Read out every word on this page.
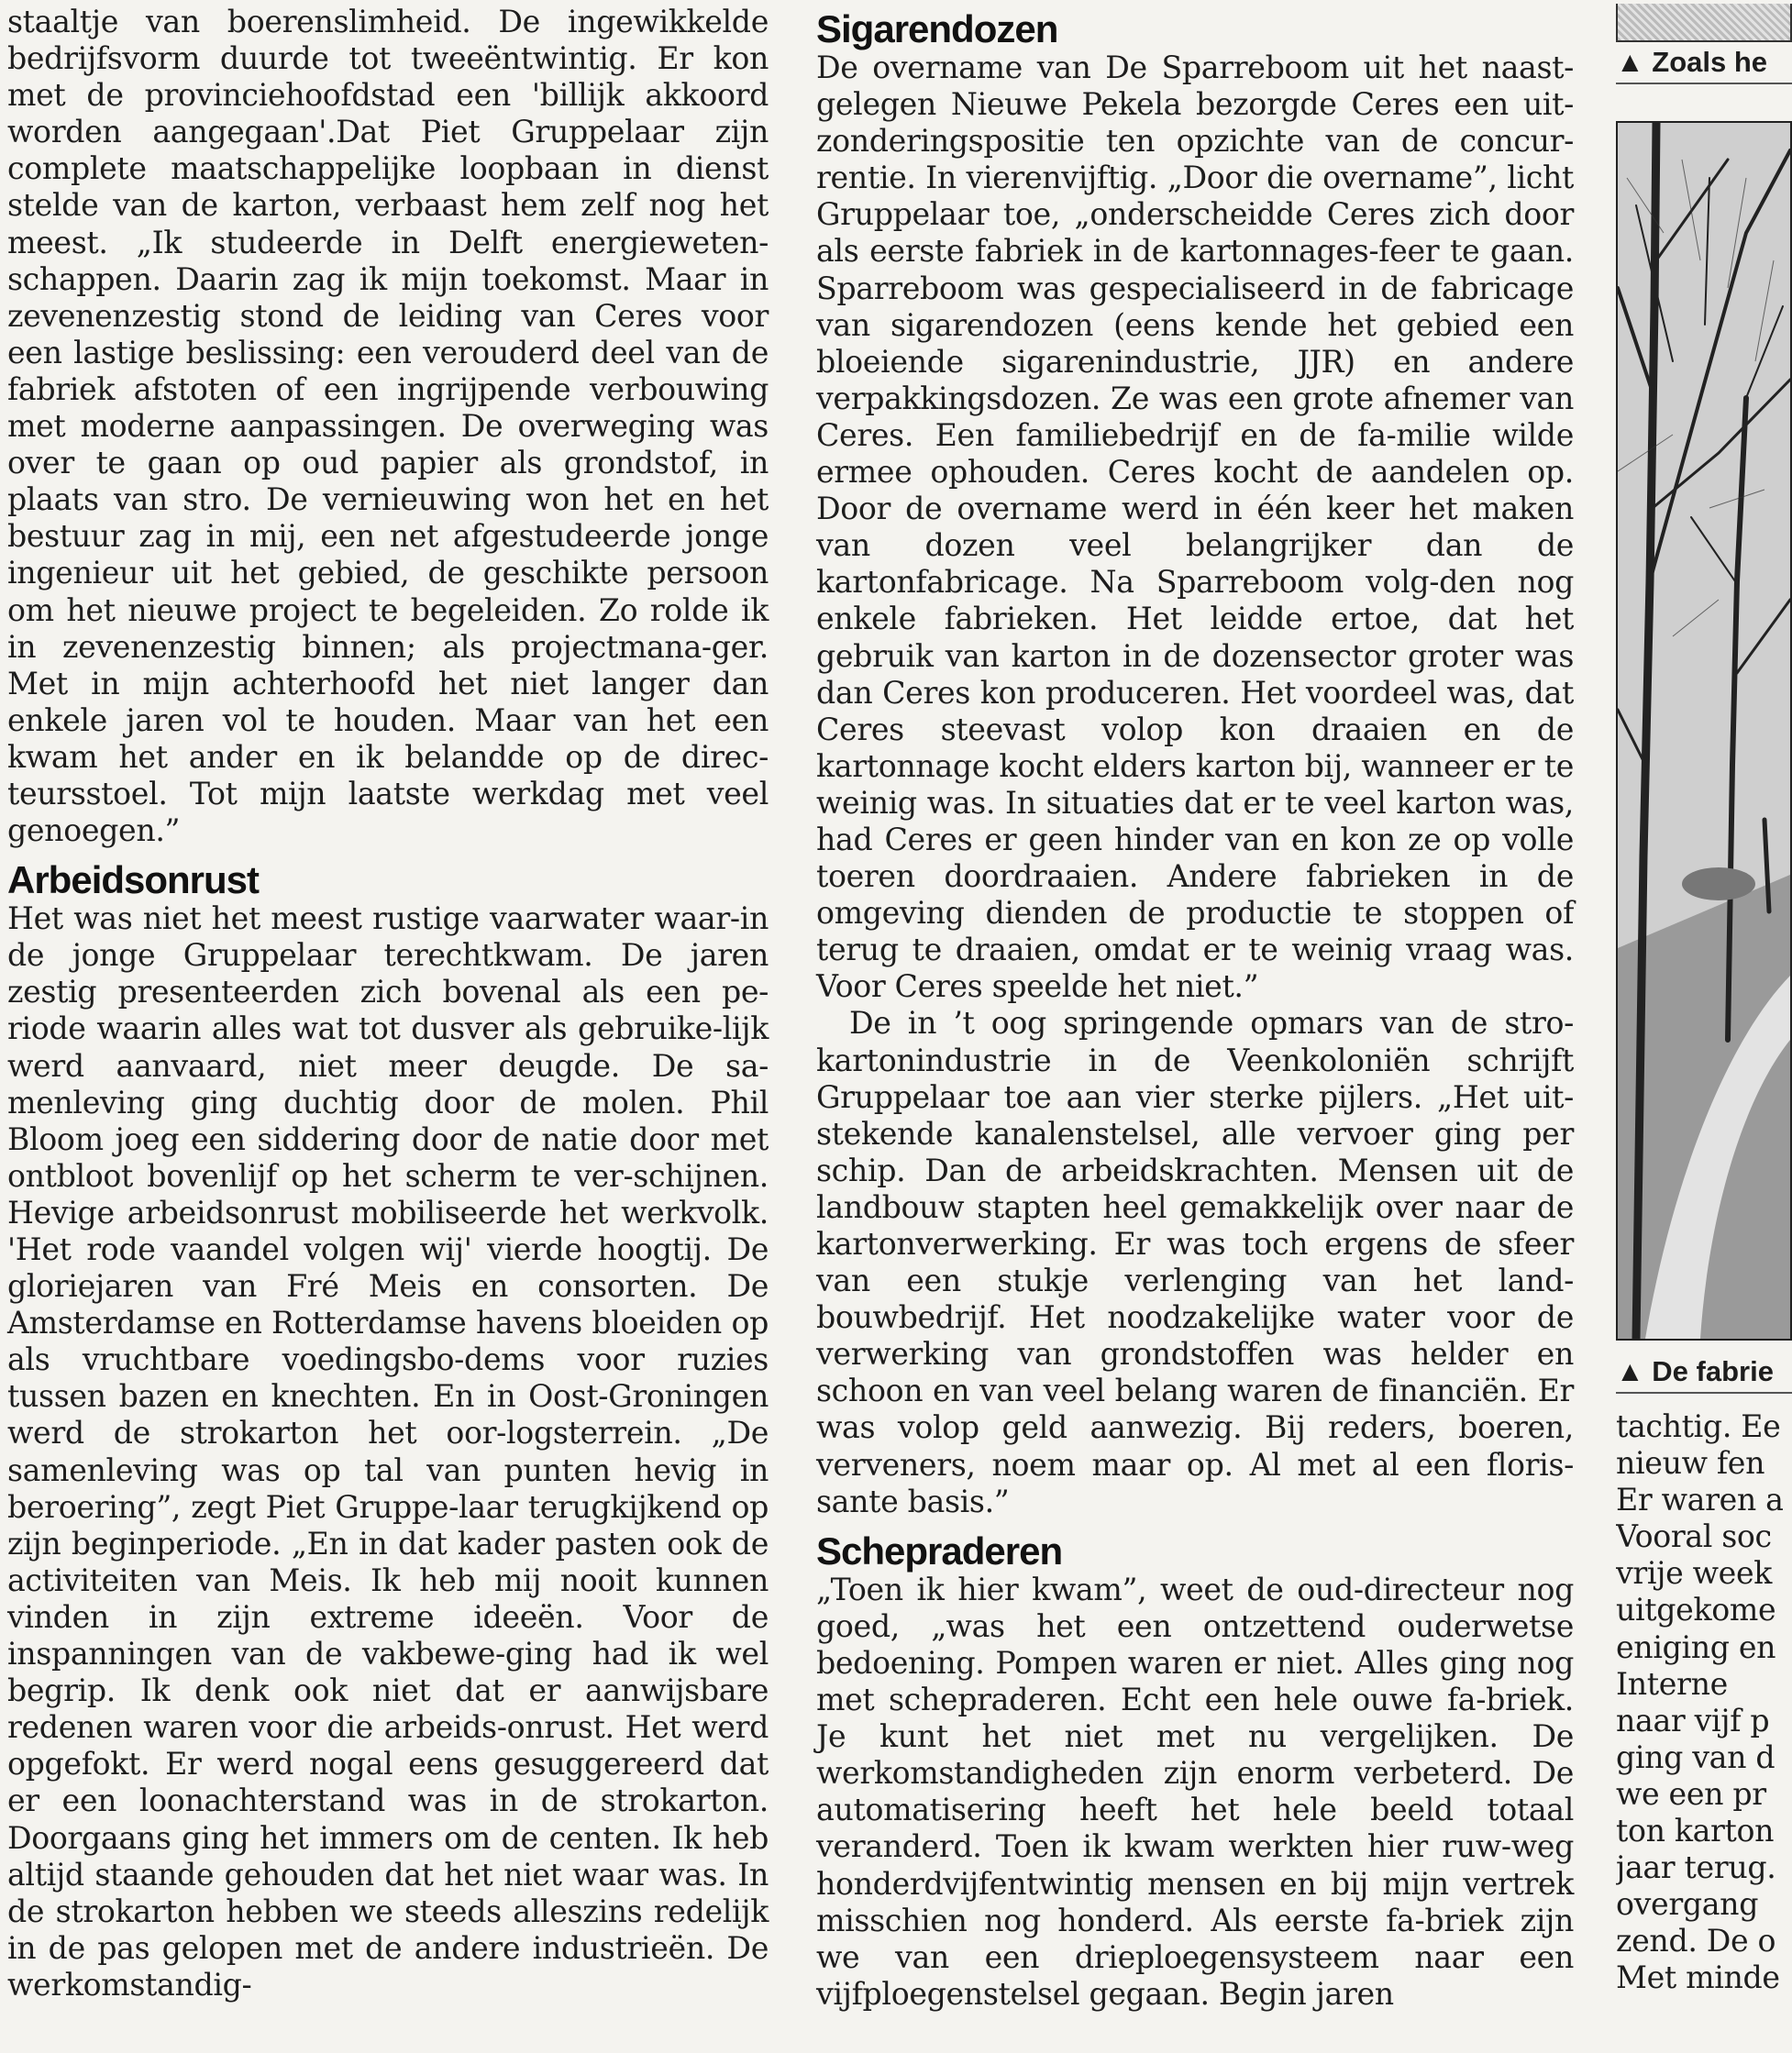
staaltje van boerenslimheid. De ingewikkelde bedrijfsvorm duurde tot tweeëntwintig. Er kon met de provinciehoofdstad een 'billijk akkoord worden aangegaan'.Dat Piet Gruppelaar zijn complete maatschappelijke loopbaan in dienst stelde van de karton, verbaast hem zelf nog het meest. „Ik studeerde in Delft energieweten-schappen. Daarin zag ik mijn toekomst. Maar in zevenenzestig stond de leiding van Ceres voor een lastige beslissing: een verouderd deel van de fabriek afstoten of een ingrijpende verbouwing met moderne aanpassingen. De overweging was over te gaan op oud papier als grondstof, in plaats van stro. De vernieuwing won het en het bestuur zag in mij, een net afgestudeerde jonge ingenieur uit het gebied, de geschikte persoon om het nieuwe project te begeleiden. Zo rolde ik in zevenenzestig binnen; als projectmana-ger. Met in mijn achterhoofd het niet langer dan enkele jaren vol te houden. Maar van het een kwam het ander en ik belandde op de direc-teursstoel. Tot mijn laatste werkdag met veel genoegen.”

Arbeidsonrust

Het was niet het meest rustige vaarwater waar-in de jonge Gruppelaar terechtkwam. De jaren zestig presenteerden zich bovenal als een pe-riode waarin alles wat tot dusver als gebruike-lijk werd aanvaard, niet meer deugde. De sa-menleving ging duchtig door de molen. Phil Bloom joeg een siddering door de natie door met ontbloot bovenlijf op het scherm te ver-schijnen. Hevige arbeidsonrust mobiliseerde het werkvolk. 'Het rode vaandel volgen wij' vierde hoogtij. De gloriejaren van Fré Meis en consorten. De Amsterdamse en Rotterdamse havens bloeiden op als vruchtbare voedingsbo-dems voor ruzies tussen bazen en knechten. En in Oost-Groningen werd de strokarton het oor-logsterrein. „De samenleving was op tal van punten hevig in beroering”, zegt Piet Gruppe-laar terugkijkend op zijn beginperiode. „En in dat kader pasten ook de activiteiten van Meis. Ik heb mij nooit kunnen vinden in zijn extreme ideeën. Voor de inspanningen van de vakbewe-ging had ik wel begrip. Ik denk ook niet dat er aanwijsbare redenen waren voor die arbeids-onrust. Het werd opgefokt. Er werd nogal eens gesuggereerd dat er een loonachterstand was in de strokarton. Doorgaans ging het immers om de centen. Ik heb altijd staande gehouden dat het niet waar was. In de strokarton hebben we steeds alleszins redelijk in de pas gelopen met de andere industrieën. De werkomstandig-

Sigarendozen

De overname van De Sparreboom uit het naast-gelegen Nieuwe Pekela bezorgde Ceres een uit-zonderingspositie ten opzichte van de concur-rentie. In vierenvijftig. „Door die overname”, licht Gruppelaar toe, „onderscheidde Ceres zich door als eerste fabriek in de kartonnages-feer te gaan. Sparreboom was gespecialiseerd in de fabricage van sigarendozen (eens kende het gebied een bloeiende sigarenindustrie, JJR) en andere verpakkingsdozen. Ze was een grote afnemer van Ceres. Een familiebedrijf en de fa-milie wilde ermee ophouden. Ceres kocht de aandelen op. Door de overname werd in één keer het maken van dozen veel belangrijker dan de kartonfabricage. Na Sparreboom volg-den nog enkele fabrieken. Het leidde ertoe, dat het gebruik van karton in de dozensector groter was dan Ceres kon produceren. Het voordeel was, dat Ceres steevast volop kon draaien en de kartonnage kocht elders karton bij, wanneer er te weinig was. In situaties dat er te veel karton was, had Ceres er geen hinder van en kon ze op volle toeren doordraaien. Andere fabrieken in de omgeving dienden de productie te stoppen of terug te draaien, omdat er te weinig vraag was. Voor Ceres speelde het niet.”

De in ’t oog springende opmars van de stro-kartonindustrie in de Veenkoloniën schrijft Gruppelaar toe aan vier sterke pijlers. „Het uit-stekende kanalenstelsel, alle vervoer ging per schip. Dan de arbeidskrachten. Mensen uit de landbouw stapten heel gemakkelijk over naar de kartonverwerking. Er was toch ergens de sfeer van een stukje verlenging van het land-bouwbedrijf. Het noodzakelijke water voor de verwerking van grondstoffen was helder en schoon en van veel belang waren de financiën. Er was volop geld aanwezig. Bij reders, boeren, verveners, noem maar op. Al met al een floris-sante basis.”

Schepraderen

„Toen ik hier kwam”, weet de oud-directeur nog goed, „was het een ontzettend ouderwetse bedoening. Pompen waren er niet. Alles ging nog met schepraderen. Echt een hele ouwe fa-briek. Je kunt het niet met nu vergelijken. De werkomstandigheden zijn enorm verbeterd. De automatisering heeft het hele beeld totaal veranderd. Toen ik kwam werkten hier ruw-weg honderdvijfentwintig mensen en bij mijn vertrek misschien nog honderd. Als eerste fa-briek zijn we van een drieploegensysteem naar een vijfploegenstelsel gegaan. Begin jaren

▲ Zoals he
▲ De fabrie

tachtig. Ee

nieuw fen

Er waren a

Vooral soc

vrije week

uitgekome

eniging en

Interne

naar vijf p

ging van d

we een pr

ton karton

jaar terug.

overgang

zend. De o

Met minde
